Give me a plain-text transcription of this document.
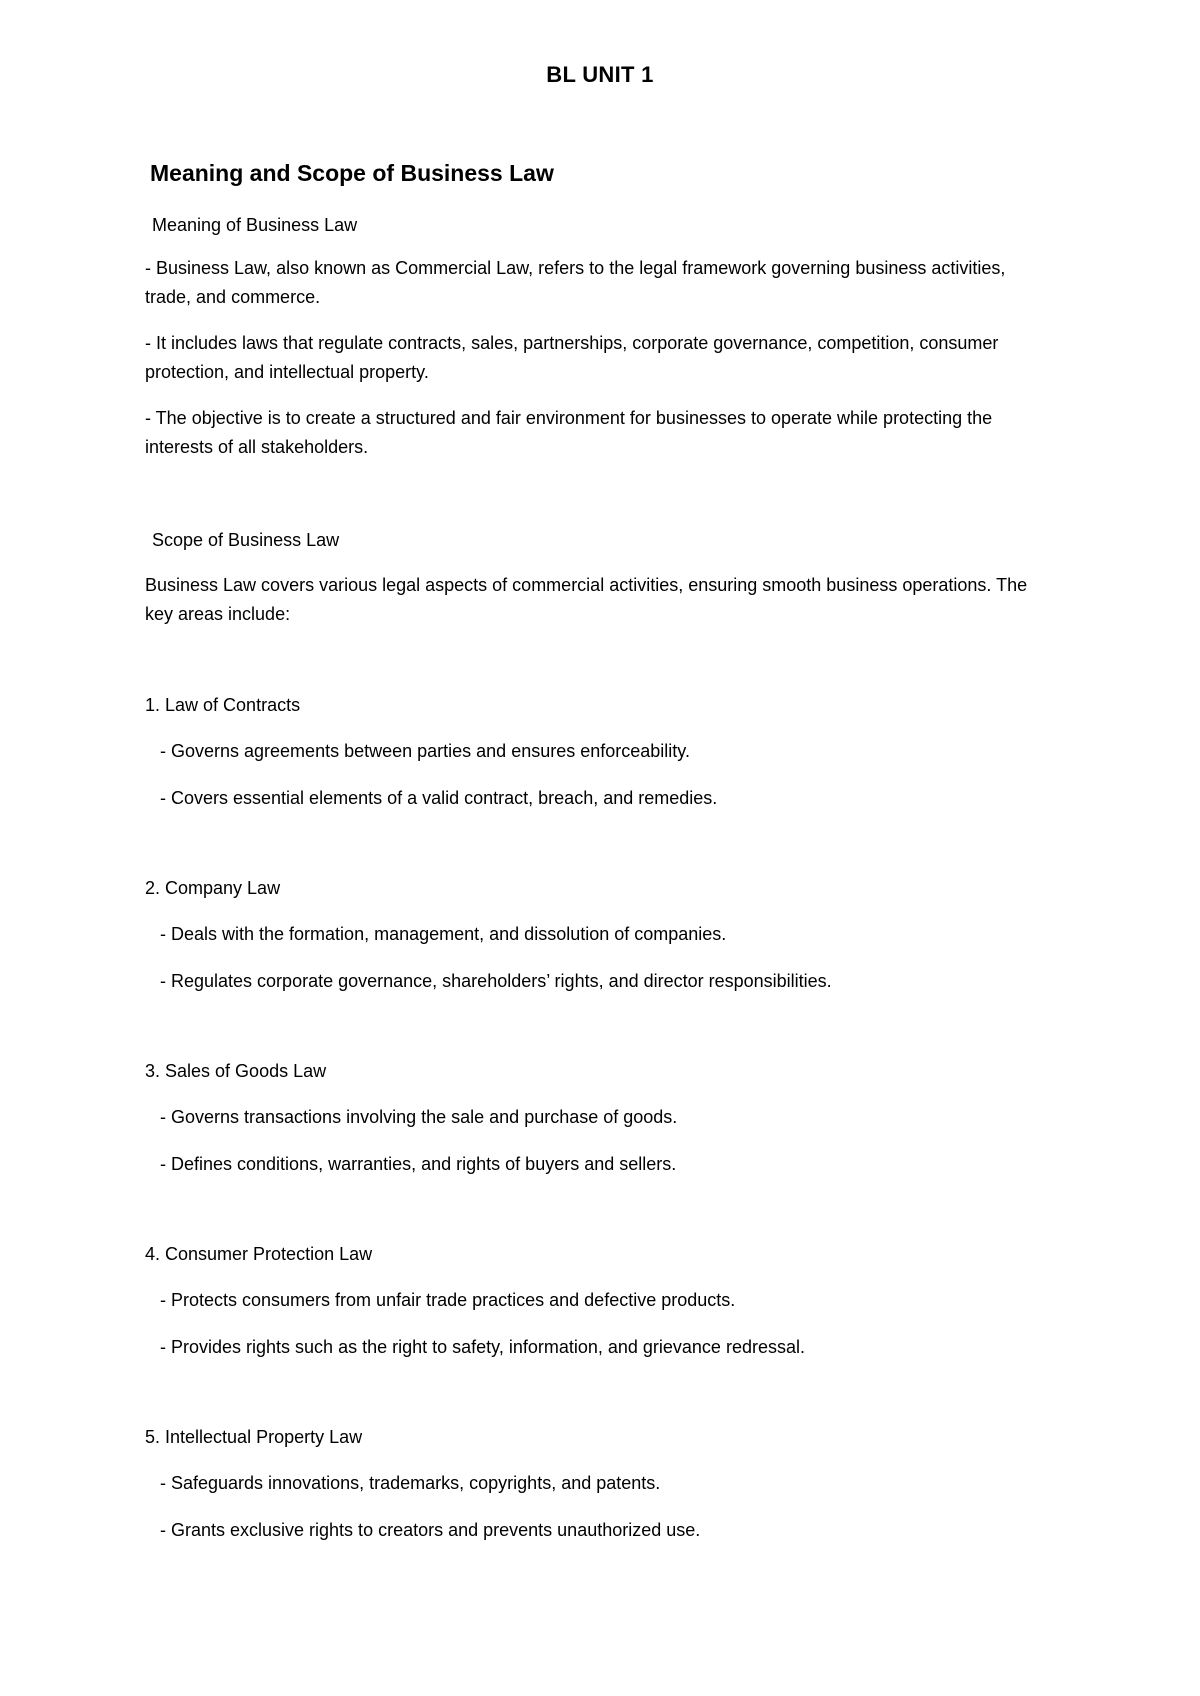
BL UNIT 1
Meaning and Scope of Business Law
Meaning of Business Law

- Business Law, also known as Commercial Law, refers to the legal framework governing business activities, trade, and commerce.

- It includes laws that regulate contracts, sales, partnerships, corporate governance, competition, consumer protection, and intellectual property.

- The objective is to create a structured and fair environment for businesses to operate while protecting the interests of all stakeholders.

Scope of Business Law

Business Law covers various legal aspects of commercial activities, ensuring smooth business operations. The key areas include:

1. Law of Contracts
- Governs agreements between parties and ensures enforceability.
- Covers essential elements of a valid contract, breach, and remedies.
2. Company Law
- Deals with the formation, management, and dissolution of companies.
- Regulates corporate governance, shareholders’ rights, and director responsibilities.
3. Sales of Goods Law
- Governs transactions involving the sale and purchase of goods.
- Defines conditions, warranties, and rights of buyers and sellers.
4. Consumer Protection Law
- Protects consumers from unfair trade practices and defective products.
- Provides rights such as the right to safety, information, and grievance redressal.
5. Intellectual Property Law
- Safeguards innovations, trademarks, copyrights, and patents.
- Grants exclusive rights to creators and prevents unauthorized use.
